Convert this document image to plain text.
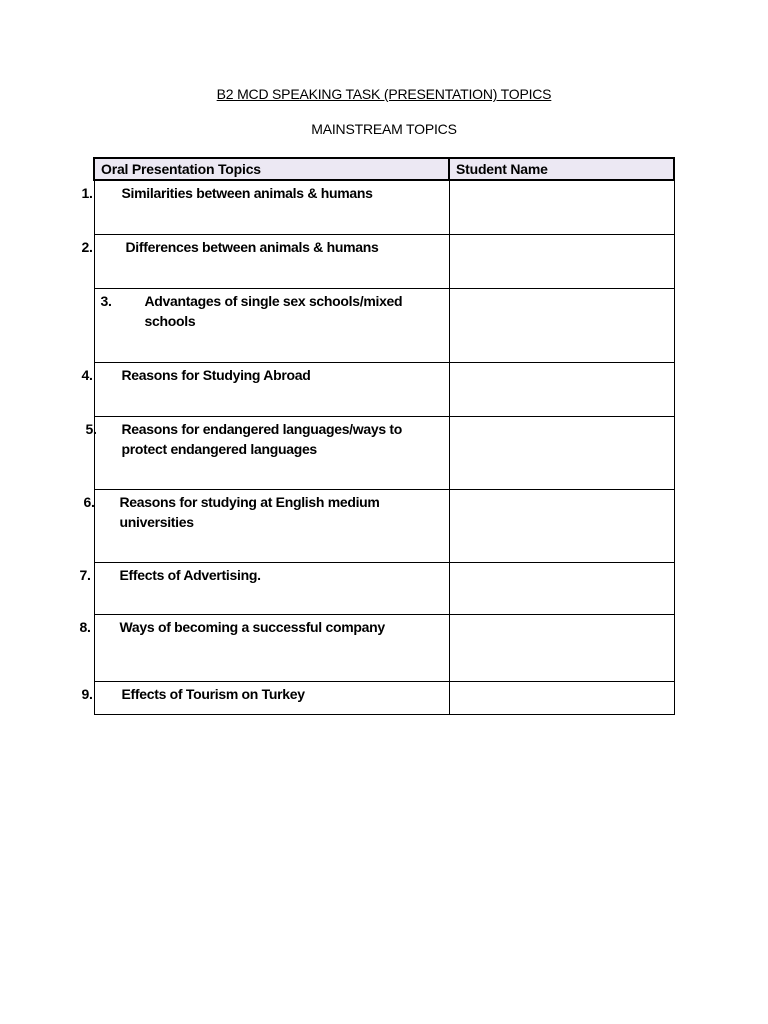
B2 MCD SPEAKING TASK (PRESENTATION) TOPICS
MAINSTREAM TOPICS
Oral Presentation Topics	Student Name

1. Similarities between animals & humans	

2. Differences between animals & humans	

3. Advantages of single sex schools/mixed schools	

4. Reasons for Studying Abroad	

5. Reasons for endangered languages/ways to protect endangered languages	

6. Reasons for studying at English medium universities	

7. Effects of Advertising.	

8. Ways of becoming a successful company	

9. Effects of Tourism on Turkey	
